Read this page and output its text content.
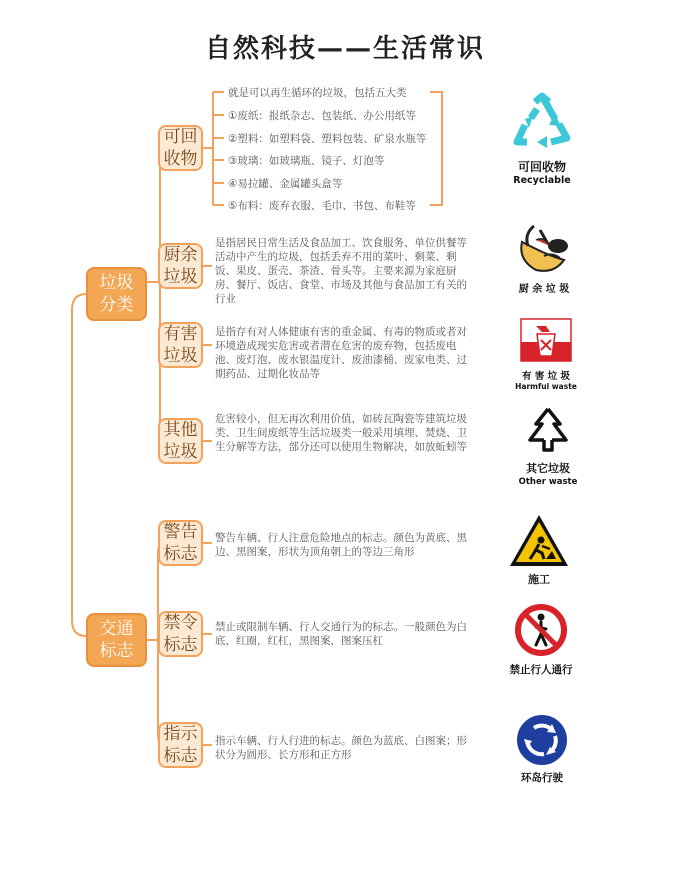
自然科技——生活常识
垃圾
分类
交通
标志
可回
收物
厨余
垃圾
有害
垃圾
其他
垃圾
警告
标志
禁令
标志
指示
标志
就是可以再生循环的垃圾，包括五大类
①废纸：报纸杂志、包装纸、办公用纸等
②塑料：如塑料袋、塑料包装、矿泉水瓶等
③玻璃：如玻璃瓶、镜子、灯泡等
④易拉罐、金属罐头盒等
⑤布料：废弃衣服、毛巾、书包、布鞋等
是指居民日常生活及食品加工、饮食服务、单位供餐等活动中产生的垃圾，包括丢弃不用的菜叶、剩菜、剩饭、果皮、蛋壳、茶渣、骨头等。主要来源为家庭厨房、餐厅、饭店、食堂、市场及其他与食品加工有关的行业
是指存有对人体健康有害的重金属、有毒的物质或者对环境造成现实危害或者潜在危害的废弃物，包括废电池、废灯泡、废水银温度计、废油漆桶、废家电类、过期药品、过期化妆品等
危害较小，但无再次利用价值，如砖瓦陶瓷等建筑垃圾类、卫生间废纸等生活垃圾类一般采用填埋、焚烧、卫生分解等方法，部分还可以使用生物解决，如放蚯蚓等
警告车辆、行人注意危险地点的标志。颜色为黄底、黑边、黑图案，形状为顶角朝上的等边三角形
禁止或限制车辆、行人交通行为的标志。一般颜色为白底，红圈，红杠，黑图案，图案压杠
指示车辆、行人行进的标志。颜色为蓝底、白图案；形状分为圆形、长方形和正方形
可回收物
Recyclable
厨 余 垃 圾
有 害 垃 圾
Harmful waste
其它垃圾
Other waste
施工
禁止行人通行
环岛行驶
